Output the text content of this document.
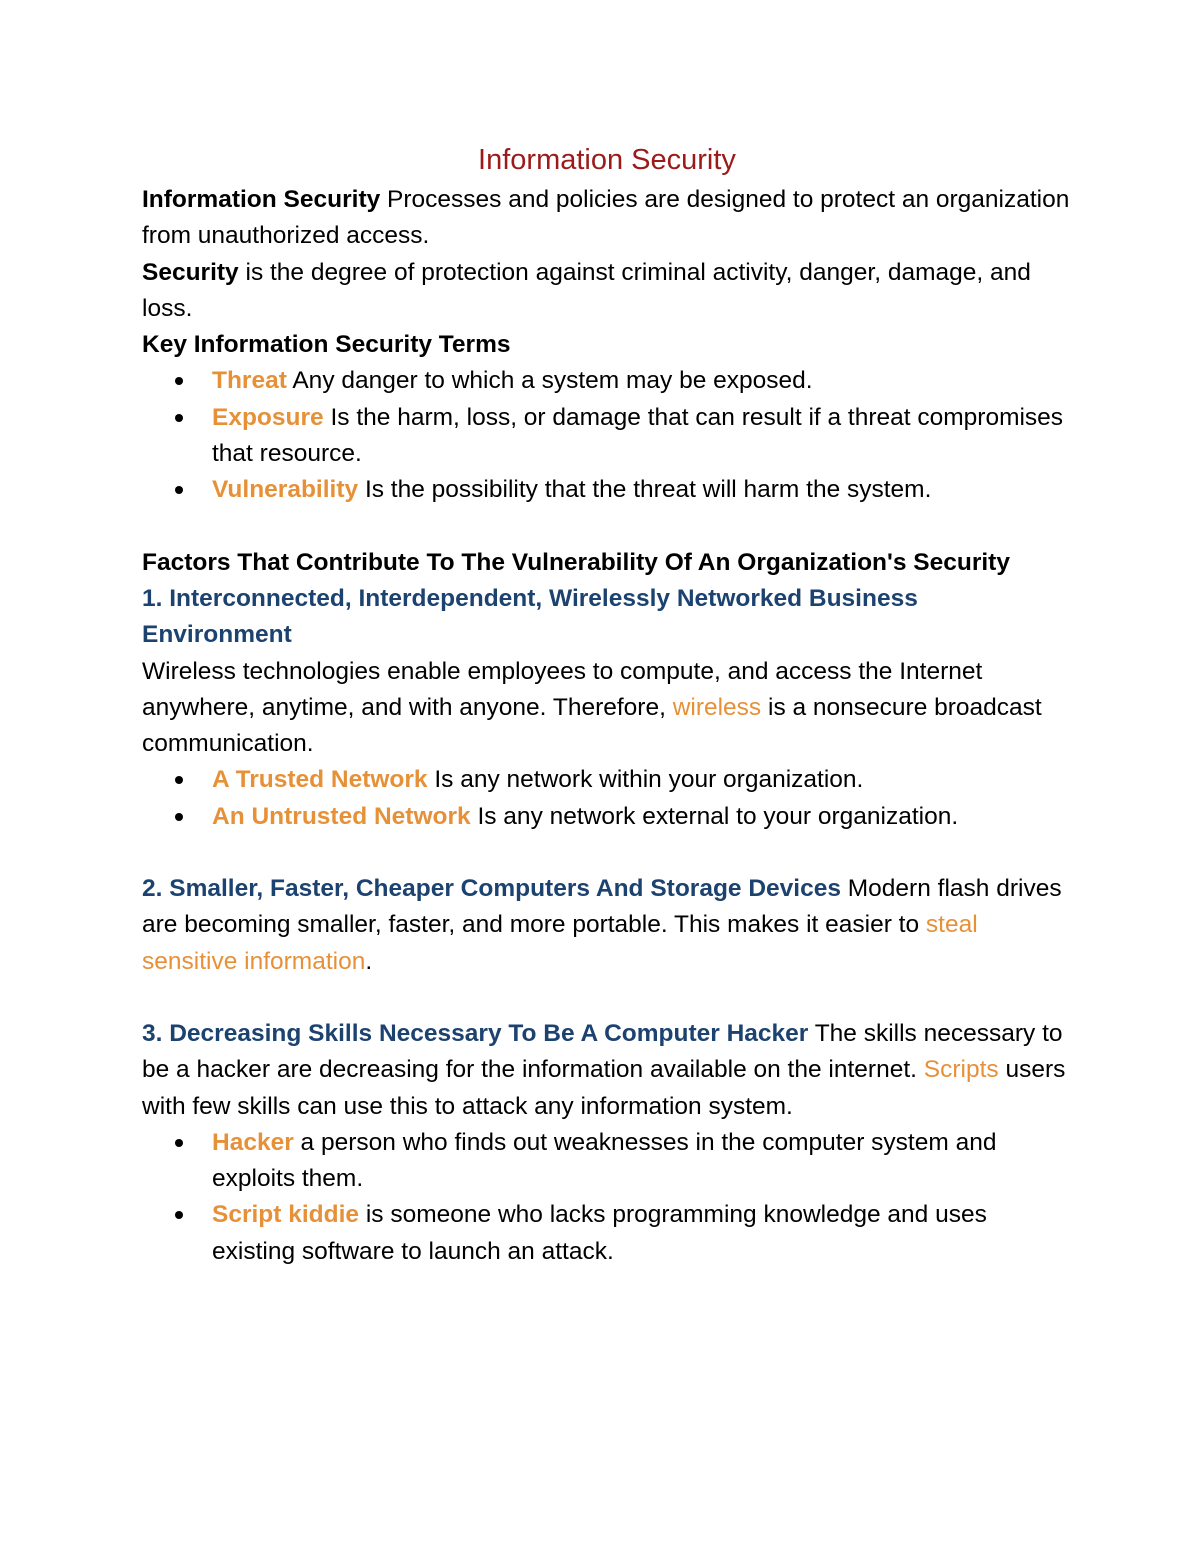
Information Security

Information Security Processes and policies are designed to protect an organization from unauthorized access.

Security is the degree of protection against criminal activity, danger, damage, and loss.

Key Information Security Terms

Threat Any danger to which a system may be exposed.
Exposure Is the harm, loss, or damage that can result if a threat compromises that resource.
Vulnerability Is the possibility that the threat will harm the system.

Factors That Contribute To The Vulnerability Of An Organization's Security

1. Interconnected, Interdependent, Wirelessly Networked Business Environment

Wireless technologies enable employees to compute, and access the Internet anywhere, anytime, and with anyone. Therefore, wireless is a nonsecure broadcast communication.

A Trusted Network Is any network within your organization.
An Untrusted Network Is any network external to your organization.

2. Smaller, Faster, Cheaper Computers And Storage Devices Modern flash drives are becoming smaller, faster, and more portable. This makes it easier to steal sensitive information.

3. Decreasing Skills Necessary To Be A Computer Hacker The skills necessary to be a hacker are decreasing for the information available on the internet. Scripts users with few skills can use this to attack any information system.

Hacker a person who finds out weaknesses in the computer system and exploits them.
Script kiddie is someone who lacks programming knowledge and uses existing software to launch an attack.
